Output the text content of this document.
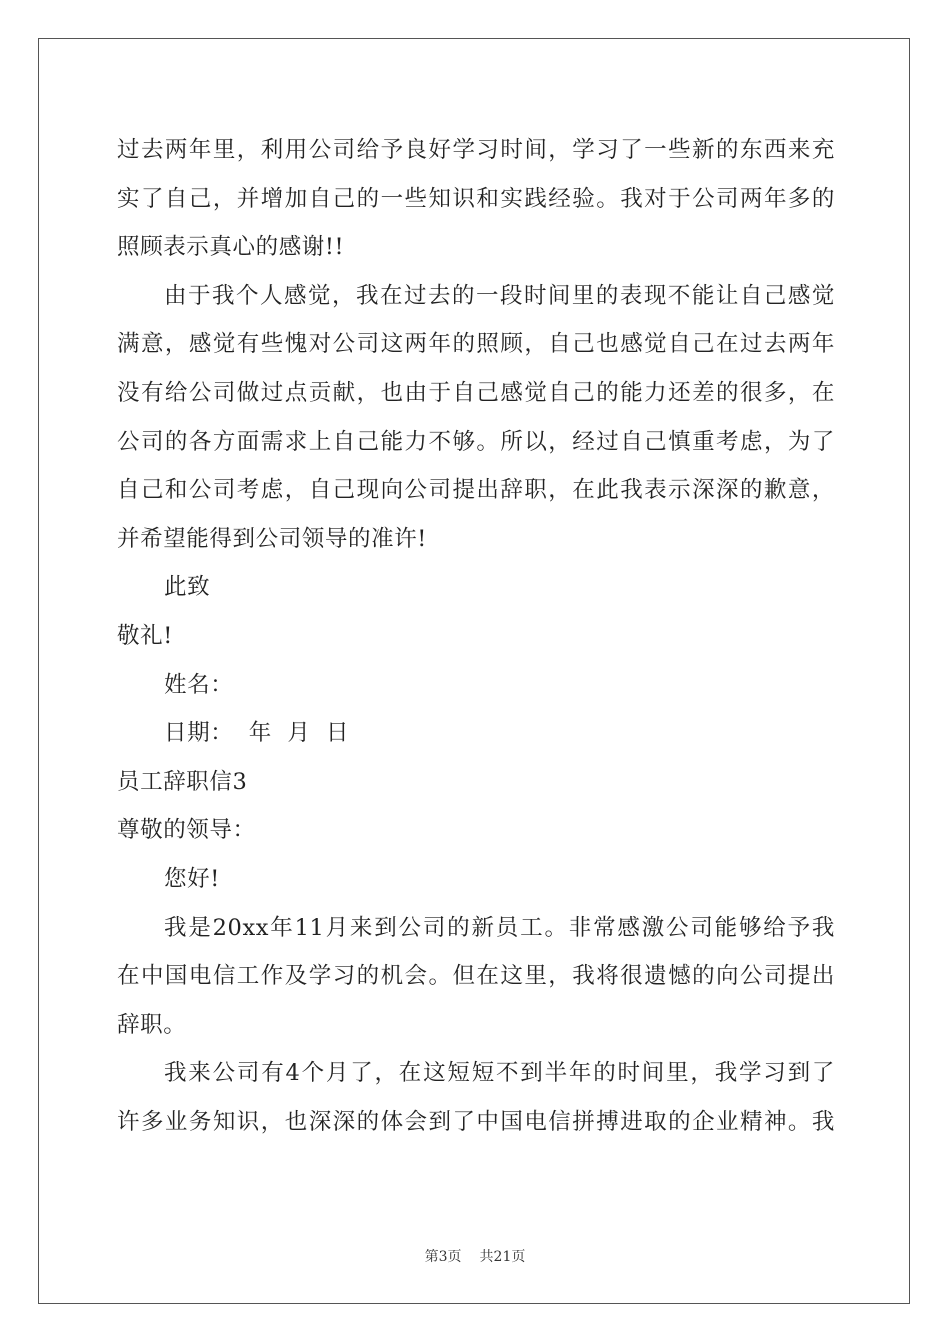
过去两年里，利用公司给予良好学习时间，学习了一些新的东西来充
实了自己，并增加自己的一些知识和实践经验。我对于公司两年多的
照顾表示真心的感谢!!
由于我个人感觉，我在过去的一段时间里的表现不能让自己感觉
满意，感觉有些愧对公司这两年的照顾，自己也感觉自己在过去两年
没有给公司做过点贡献，也由于自己感觉自己的能力还差的很多，在
公司的各方面需求上自己能力不够。所以，经过自己慎重考虑，为了
自己和公司考虑，自己现向公司提出辞职，在此我表示深深的歉意，
并希望能得到公司领导的准许!
此致
敬礼!
姓名：
日期：  年  月  日
员工辞职信3
尊敬的领导：
您好!
我是20xx年11月来到公司的新员工。非常感激公司能够给予我
在中国电信工作及学习的机会。但在这里，我将很遗憾的向公司提出
辞职。
我来公司有4个月了，在这短短不到半年的时间里，我学习到了
许多业务知识，也深深的体会到了中国电信拼搏进取的企业精神。我
第3页 共21页
